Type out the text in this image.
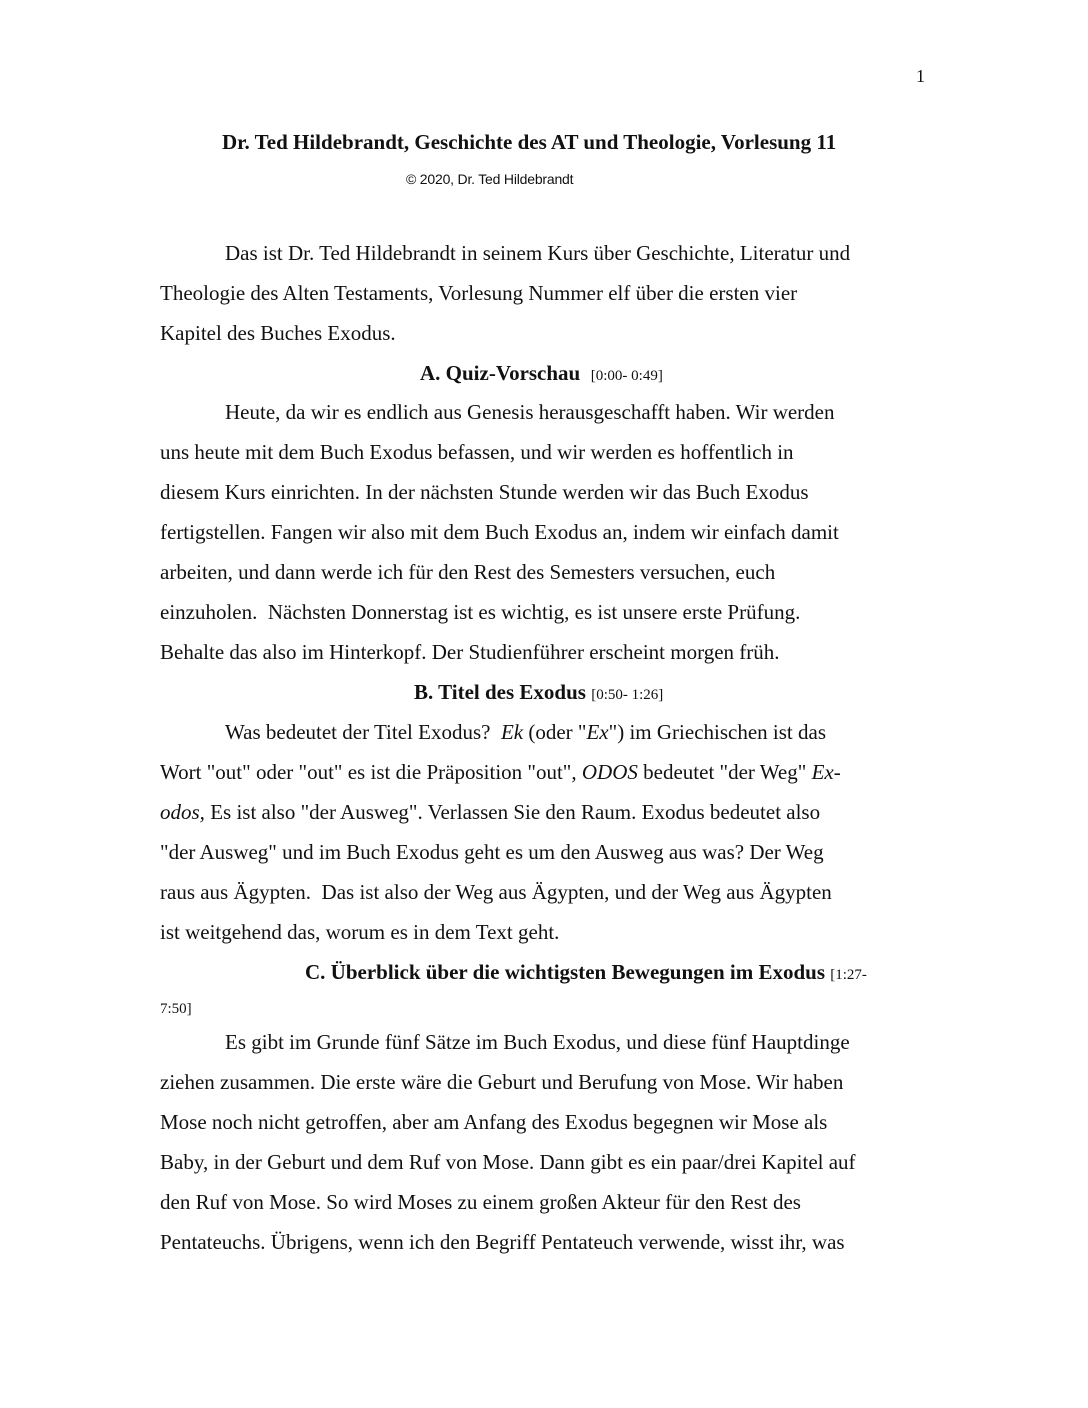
1
Dr. Ted Hildebrandt, Geschichte des AT und Theologie, Vorlesung 11
© 2020, Dr. Ted Hildebrandt
Das ist Dr. Ted Hildebrandt in seinem Kurs über Geschichte, Literatur und
Theologie des Alten Testaments, Vorlesung Nummer elf über die ersten vier
Kapitel des Buches Exodus.
A. Quiz-Vorschau  [0:00- 0:49]
Heute, da wir es endlich aus Genesis herausgeschafft haben. Wir werden
uns heute mit dem Buch Exodus befassen, und wir werden es hoffentlich in
diesem Kurs einrichten. In der nächsten Stunde werden wir das Buch Exodus
fertigstellen. Fangen wir also mit dem Buch Exodus an, indem wir einfach damit
arbeiten, und dann werde ich für den Rest des Semesters versuchen, euch
einzuholen.  Nächsten Donnerstag ist es wichtig, es ist unsere erste Prüfung.
Behalte das also im Hinterkopf. Der Studienführer erscheint morgen früh.
B. Titel des Exodus [0:50- 1:26]
Was bedeutet der Titel Exodus?  Ek (oder "Ex") im Griechischen ist das
Wort "out" oder "out" es ist die Präposition "out", ODOS bedeutet "der Weg" Ex-
odos, Es ist also "der Ausweg". Verlassen Sie den Raum. Exodus bedeutet also
"der Ausweg" und im Buch Exodus geht es um den Ausweg aus was? Der Weg
raus aus Ägypten.  Das ist also der Weg aus Ägypten, und der Weg aus Ägypten
ist weitgehend das, worum es in dem Text geht.
C. Überblick über die wichtigsten Bewegungen im Exodus [1:27-
7:50]
Es gibt im Grunde fünf Sätze im Buch Exodus, und diese fünf Hauptdinge
ziehen zusammen. Die erste wäre die Geburt und Berufung von Mose. Wir haben
Mose noch nicht getroffen, aber am Anfang des Exodus begegnen wir Mose als
Baby, in der Geburt und dem Ruf von Mose. Dann gibt es ein paar/drei Kapitel auf
den Ruf von Mose. So wird Moses zu einem großen Akteur für den Rest des
Pentateuchs. Übrigens, wenn ich den Begriff Pentateuch verwende, wisst ihr, was
